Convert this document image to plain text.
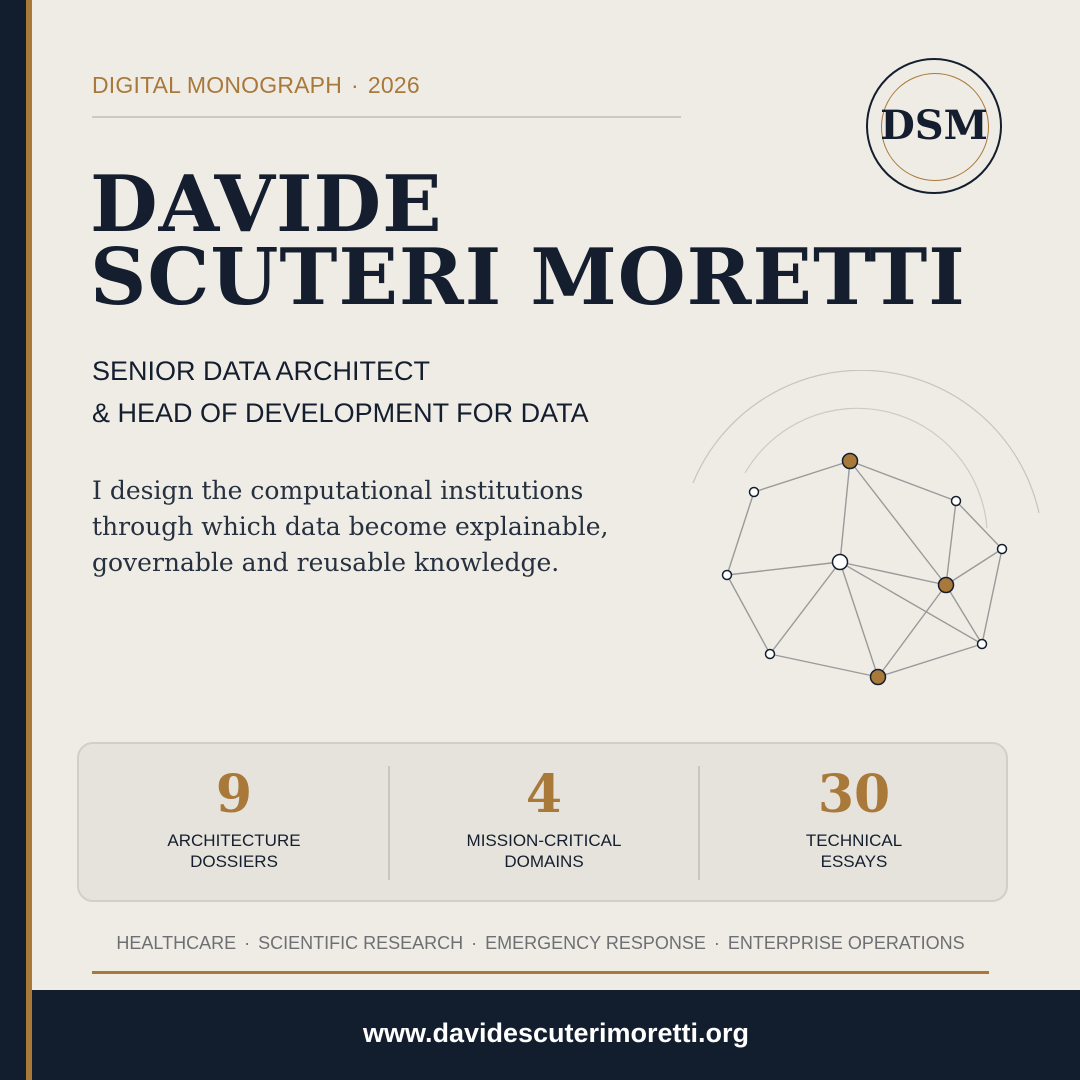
DIGITAL MONOGRAPH · 2026
DSM
DAVIDE
SCUTERI MORETTI
SENIOR DATA ARCHITECT
& HEAD OF DEVELOPMENT FOR DATA
I design the computational institutions
through which data become explainable,
governable and reusable knowledge.
9
ARCHITECTURE
DOSSIERS
4
MISSION-CRITICAL
DOMAINS
30
TECHNICAL
ESSAYS
HEALTHCARE · SCIENTIFIC RESEARCH · EMERGENCY RESPONSE · ENTERPRISE OPERATIONS
www.davidescuterimoretti.org
